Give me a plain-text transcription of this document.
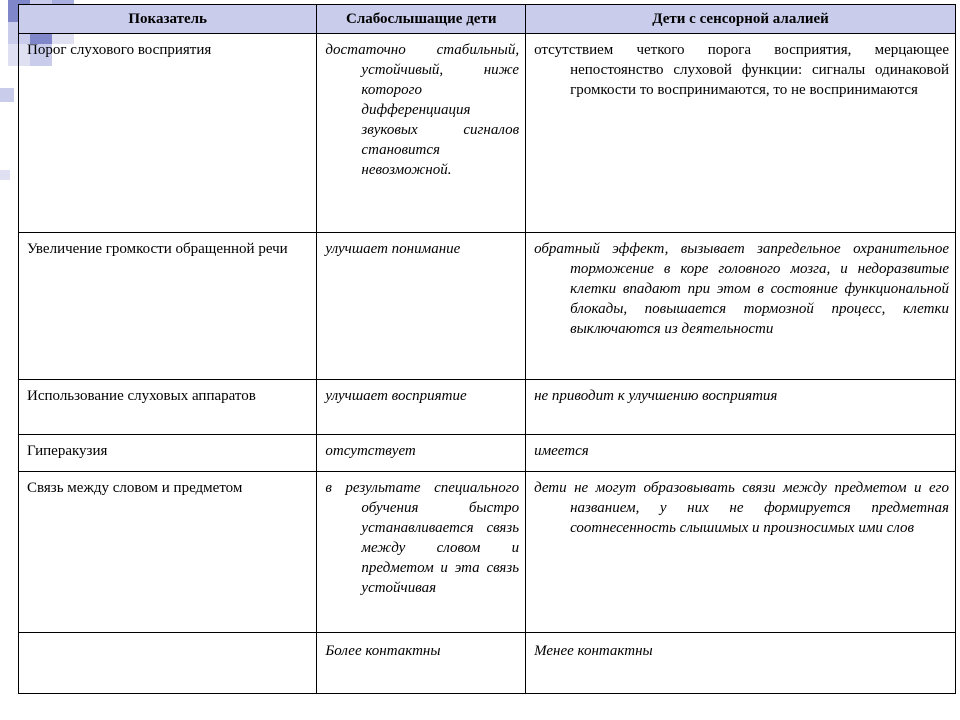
Показатель	Слабослышащие дети	Дети с сенсорной алалией
Порог слухового восприятия	достаточно стабильный, устойчивый, ниже которого дифференциация звуковых сигналов становится невозможной.	отсутствием четкого порога восприятия, мерцающее непостоянство слуховой функции: сигналы одинаковой громкости то воспринимаются, то не воспринимаются
Увеличение громкости обращенной речи	улучшает понимание	обратный эффект, вызывает запредельное охранительное торможение в коре головного мозга, и недоразвитые клетки впадают при этом в состояние функциональной блокады, повышается тормозной процесс, клетки выключаются из деятельности
Использование слуховых аппаратов	улучшает восприятие	не приводит к улучшению восприятия
Гиперакузия	отсутствует	имеется
Связь между словом и предметом	в результате специального обучения быстро устанавливается связь между словом и предметом и эта связь устойчивая	дети не могут образовывать связи между предметом и его названием, у них не формируется предметная соотнесенность слышимых и произносимых ими слов
	Более контактны	Менее контактны
